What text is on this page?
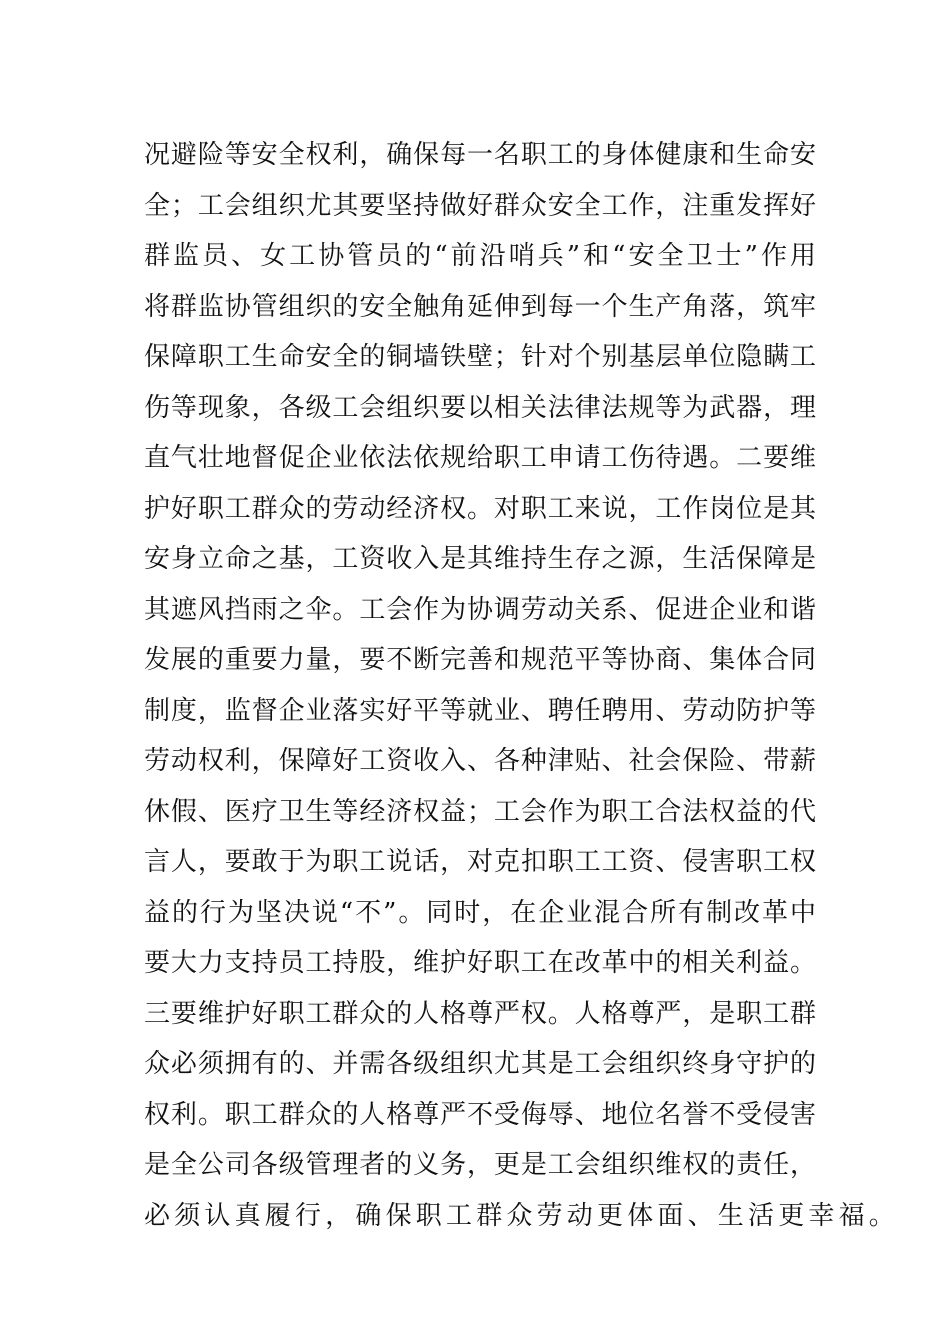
况避险等安全权利，确保每一名职工的身体健康和生命安
全；工会组织尤其要坚持做好群众安全工作，注重发挥好
群监员、女工协管员的“前沿哨兵”和“安全卫士”作用
将群监协管组织的安全触角延伸到每一个生产角落，筑牢
保障职工生命安全的铜墙铁壁；针对个别基层单位隐瞒工
伤等现象，各级工会组织要以相关法律法规等为武器，理
直气壮地督促企业依法依规给职工申请工伤待遇。二要维
护好职工群众的劳动经济权。对职工来说，工作岗位是其
安身立命之基，工资收入是其维持生存之源，生活保障是
其遮风挡雨之伞。工会作为协调劳动关系、促进企业和谐
发展的重要力量，要不断完善和规范平等协商、集体合同
制度，监督企业落实好平等就业、聘任聘用、劳动防护等
劳动权利，保障好工资收入、各种津贴、社会保险、带薪
休假、医疗卫生等经济权益；工会作为职工合法权益的代
言人，要敢于为职工说话，对克扣职工工资、侵害职工权
益的行为坚决说“不”。同时，在企业混合所有制改革中
要大力支持员工持股，维护好职工在改革中的相关利益。
三要维护好职工群众的人格尊严权。人格尊严，是职工群
众必须拥有的、并需各级组织尤其是工会组织终身守护的
权利。职工群众的人格尊严不受侮辱、地位名誉不受侵害
是全公司各级管理者的义务，更是工会组织维权的责任，
必须认真履行，确保职工群众劳动更体面、生活更幸福。
